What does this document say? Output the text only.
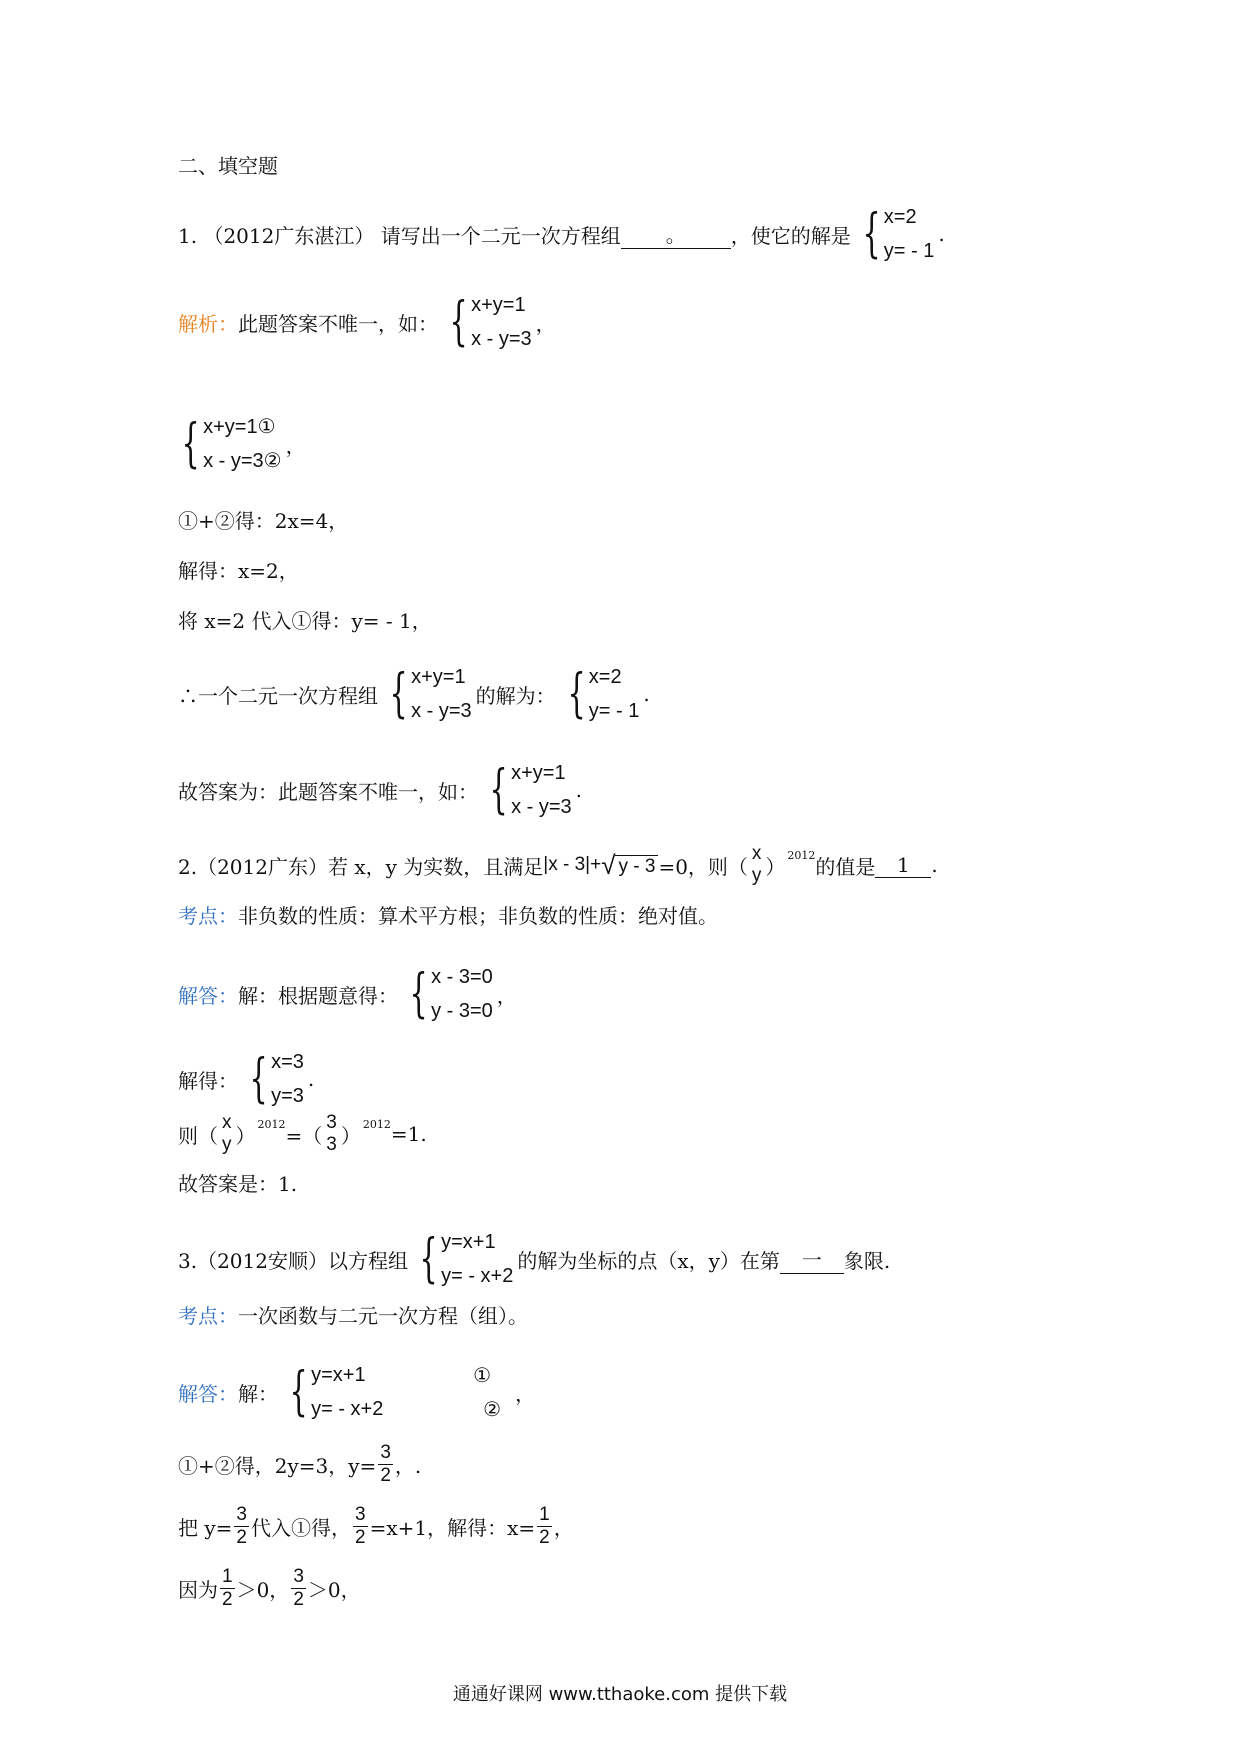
二、填空题
1. （2012广东湛江） 请写出一个二元一次方程组	。	，使它的解是 { x=2
y= - 1
.
解析： 此题答案不唯一，如： { x+y=1
x - y=3
，
{ x+y=1①
x - y=3②
，
①+②得：2x=4，
解得：x=2，
将 x=2 代入①得：y= - 1，
∴一个二元一次方程组 { x+y=1
x - y=3
的解为： { x=2
y= - 1
.
故答案为：此题答案不唯一，如： { x+y=1
x - y=3
.
2.（2012广东）若 x，y 为实数，且满足 |x - 3|+ √ y - 3 =0，则（
x
y ） 2012 的值是	1	.
考点： 非负数的性质：算术平方根；非负数的性质：绝对值。
解答： 解：根据题意得： { x - 3=0
y - 3=0
，
解得： { x=3
y=3
.
则（
x
y ） 2012 =（
3
3 ） 2012 =1.
故答案是：1.
3.（2012安顺）以方程组 { y=x+1
y= - x+2
的解为坐标的点（x，y）在第	一	象限.
考点： 一次函数与二元一次方程（组）。
解答： 解： { y=x+1	①
y= - x+2	②
，
①+②得，2y=3，$y= \frac{3}{2}$ ，.
把 $y= \frac{3}{2}$ 代入①得， $\frac{3}{2} =x+1$，解得：$x= \frac{1}{2}$ ，
因为 $\frac{1}{2} >0$， $\frac{3}{2} >0$，
通通好课网 www.tthaoke.com 提供下载
